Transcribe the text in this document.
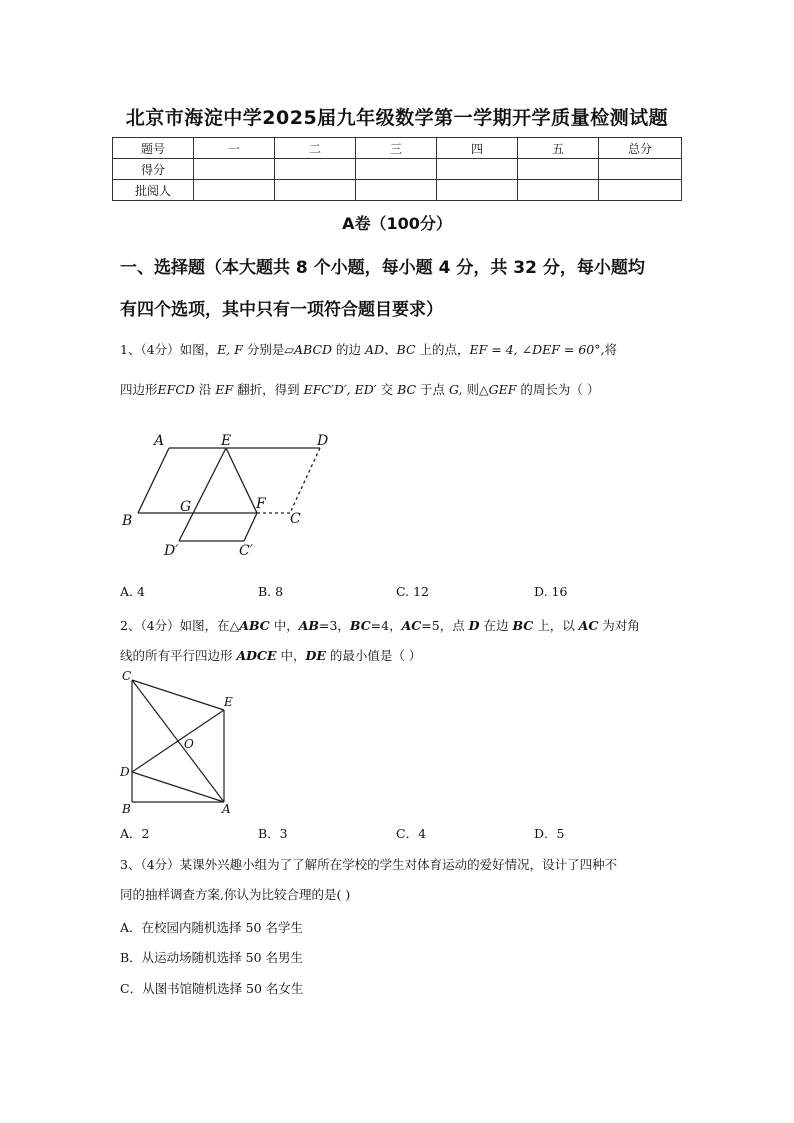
北京市海淀中学2025届九年级数学第一学期开学质量检测试题
题号	一	二	三	四	五	总分
得分						
批阅人						
A卷（100分）
一、选择题（本大题共 8 个小题，每小题 4 分，共 32 分，每小题均
有四个选项，其中只有一项符合题目要求）
1、（4分）如图，E, F 分别是▱ABCD 的边 AD、BC 上的点，EF = 4, ∠DEF = 60°,将
四边形EFCD 沿 EF 翻折，得到 EFC′D′, ED′ 交 BC 于点 G, 则△GEF 的周长为（ ）
A	E	D
B
G	F
C
D′	C′
A. 4	B. 8	C. 12	D. 16
2、（4分）如图，在△ABC 中，AB=3，BC=4，AC=5，点 D 在边 BC 上，以 AC 为对角
线的所有平行四边形 ADCE 中，DE 的最小值是（ ）
C
E
O
D
B	A
A．2	B．3	C．4	D．5
3、（4分）某课外兴趣小组为了了解所在学校的学生对体育运动的爱好情况，设计了四种不
同的抽样调查方案,你认为比较合理的是( )
A．在校园内随机选择 50 名学生
B．从运动场随机选择 50 名男生
C．从图书馆随机选择 50 名女生
